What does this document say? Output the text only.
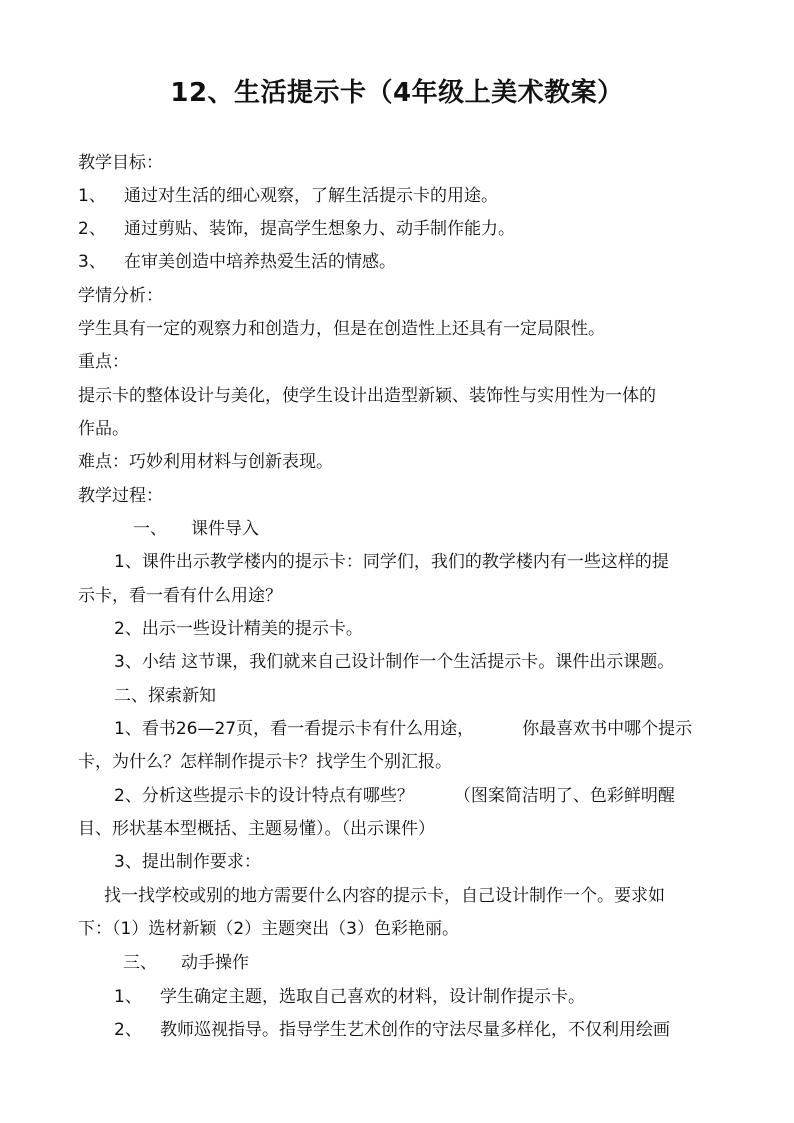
12、生活提示卡（4年级上美术教案）
教学目标：
1、 通过对生活的细心观察，了解生活提示卡的用途。
2、 通过剪贴、装饰，提高学生想象力、动手制作能力。
3、 在审美创造中培养热爱生活的情感。
学情分析：
学生具有一定的观察力和创造力，但是在创造性上还具有一定局限性。
重点：
提示卡的整体设计与美化，使学生设计出造型新颖、装饰性与实用性为一体的
作品。
难点：巧妙利用材料与创新表现。
教学过程：
一、 课件导入
1、课件出示教学楼内的提示卡：同学们，我们的教学楼内有一些这样的提
示卡，看一看有什么用途？
2、出示一些设计精美的提示卡。
3、小结 这节课，我们就来自己设计制作一个生活提示卡。课件出示课题。
二、探索新知
1、看书26—27页，看一看提示卡有什么用途，	你最喜欢书中哪个提示
卡，为什么？怎样制作提示卡？找学生个别汇报。
2、分析这些提示卡的设计特点有哪些？ （图案简洁明了、色彩鲜明醒
目、形状基本型概括、主题易懂）。（出示课件）
3、提出制作要求：
找一找学校或别的地方需要什么内容的提示卡，自己设计制作一个。要求如
下：（1）选材新颖（2）主题突出（3）色彩艳丽。
三、 动手操作
1、 学生确定主题，选取自己喜欢的材料，设计制作提示卡。
2、 教师巡视指导。指导学生艺术创作的守法尽量多样化，不仅利用绘画
